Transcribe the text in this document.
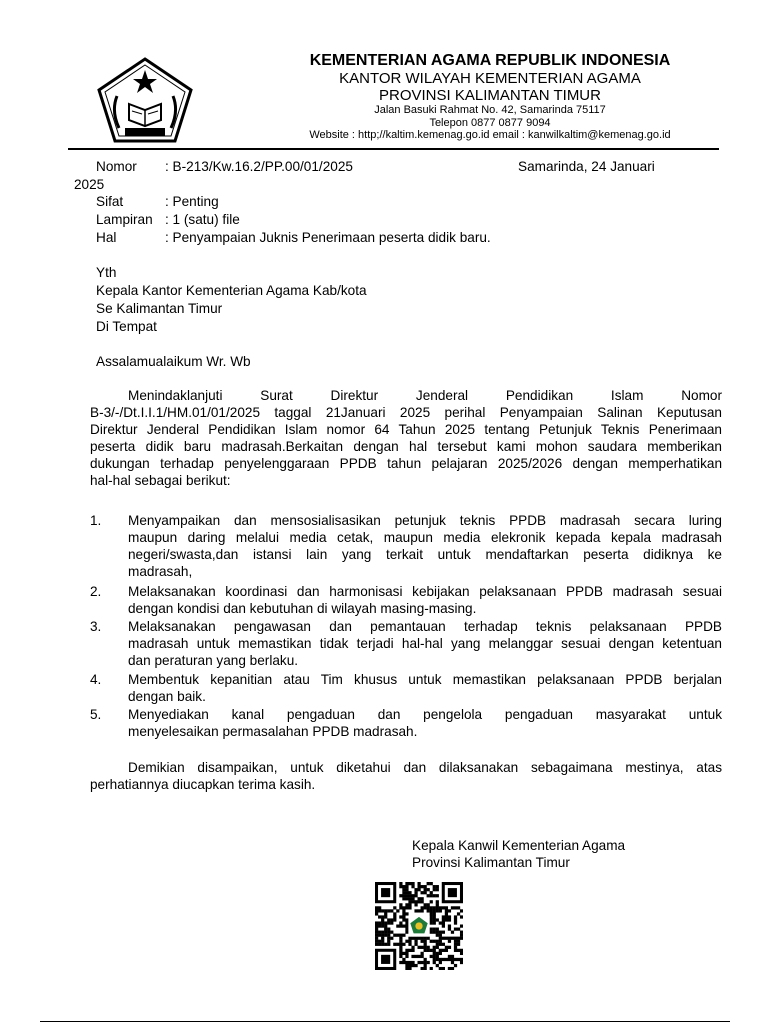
KEMENTERIAN AGAMA REPUBLIK INDONESIA
KANTOR WILAYAH KEMENTERIAN AGAMA
PROVINSI KALIMANTAN TIMUR
Jalan Basuki Rahmat No. 42, Samarinda 75117
Telepon 0877 0877 9094
Website : http;//kaltim.kemenag.go.id email : kanwilkaltim@kemenag.go.id
Nomor : B-213/Kw.16.2/PP.00/01/2025	Samarinda, 24 Januari
2025
Sifat	: Penting
Lampiran : 1 (satu) file
Hal	: Penyampaian Juknis Penerimaan peserta didik baru.
Yth
Kepala Kantor Kementerian Agama Kab/kota
Se Kalimantan Timur
Di Tempat
Assalamualaikum Wr. Wb
Menindaklanjuti Surat Direktur Jenderal Pendidikan Islam Nomor
B-3/-/Dt.I.I.1/HM.01/01/2025 taggal 21Januari 2025 perihal Penyampaian Salinan Keputusan
Direktur Jenderal Pendidikan Islam nomor 64 Tahun 2025 tentang Petunjuk Teknis Penerimaan
peserta didik baru madrasah.Berkaitan dengan hal tersebut kami mohon saudara memberikan
dukungan terhadap penyelenggaraan PPDB tahun pelajaran 2025/2026 dengan memperhatikan
hal-hal sebagai berikut:
1. Menyampaikan dan mensosialisasikan petunjuk teknis PPDB madrasah secara luring
maupun daring melalui media cetak, maupun media elekronik kepada kepala madrasah
negeri/swasta,dan istansi lain yang terkait untuk mendaftarkan peserta didiknya ke
madrasah,
2. Melaksanakan koordinasi dan harmonisasi kebijakan pelaksanaan PPDB madrasah sesuai
dengan kondisi dan kebutuhan di wilayah masing-masing.
3. Melaksanakan pengawasan dan pemantauan terhadap teknis pelaksanaan PPDB
madrasah untuk memastikan tidak terjadi hal-hal yang melanggar sesuai dengan ketentuan
dan peraturan yang berlaku.
4. Membentuk kepanitian atau Tim khusus untuk memastikan pelaksanaan PPDB berjalan
dengan baik.
5. Menyediakan kanal pengaduan dan pengelola pengaduan masyarakat untuk
menyelesaikan permasalahan PPDB madrasah.
Demikian disampaikan, untuk diketahui dan dilaksanakan sebagaimana mestinya, atas
perhatiannya diucapkan terima kasih.
Kepala Kanwil Kementerian Agama
Provinsi Kalimantan Timur
